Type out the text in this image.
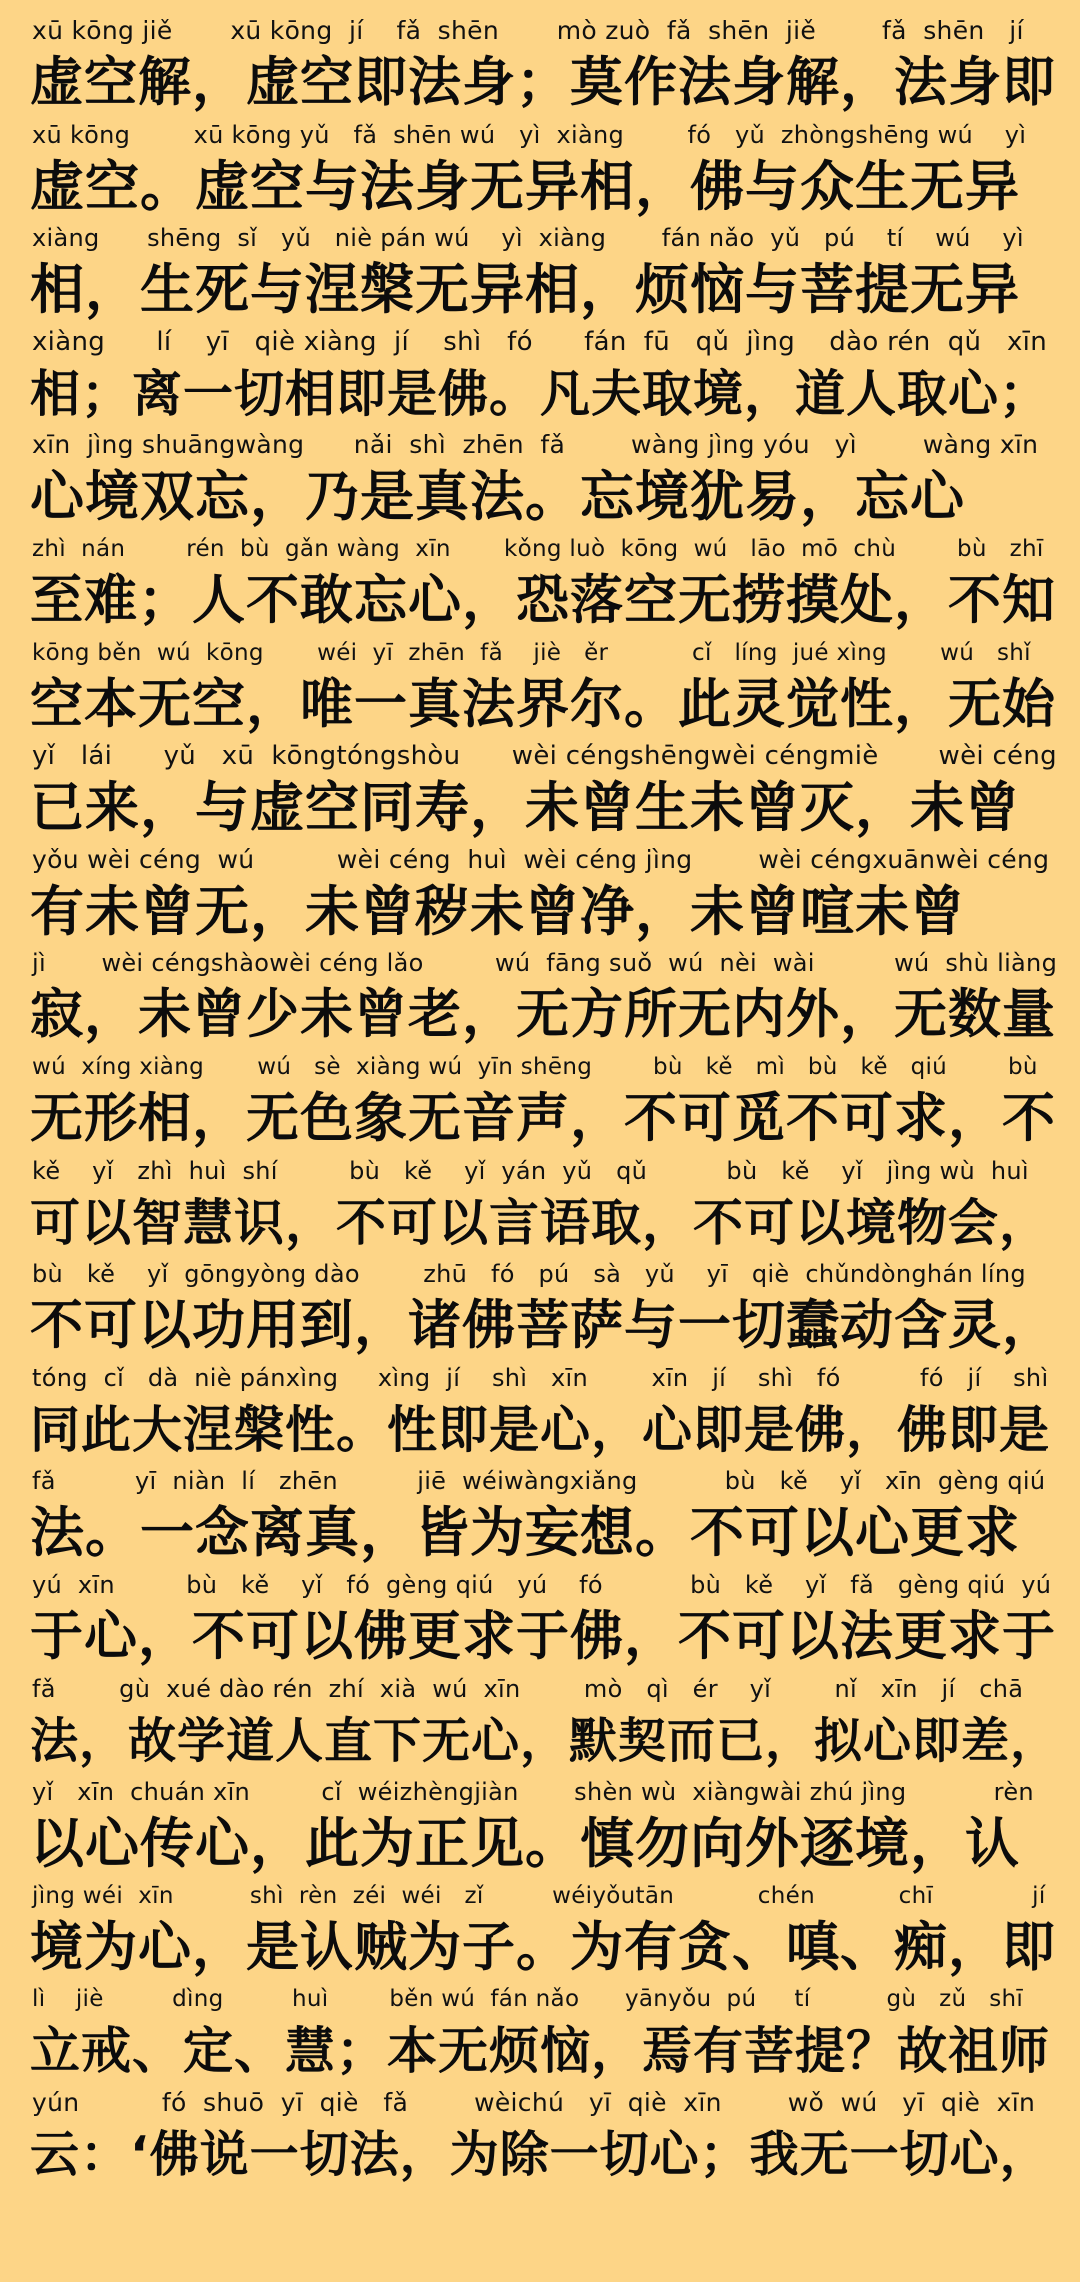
xū kōng jiě       xū kōng  jí    fǎ  shēn       mò zuò  fǎ  shēn  jiě        fǎ  shēn   jí
虚空解，虚空即法身；莫作法身解，法身即
xū kōng        xū kōng yǔ   fǎ  shēn wú   yì  xiàng        fó   yǔ  zhòngshēng wú    yì
虚空。虚空与法身无异相，佛与众生无异
xiàng      shēng  sǐ   yǔ   niè pán wú    yì  xiàng       fán nǎo  yǔ   pú    tí    wú    yì
相，生死与涅槃无异相，烦恼与菩提无异
xiàng      lí    yī   qiè xiàng  jí    shì   fó      fán  fū   qǔ  jìng    dào rén  qǔ   xīn
相；离一切相即是佛。凡夫取境，道人取心；
xīn  jìng shuāngwàng      nǎi  shì  zhēn  fǎ        wàng jìng yóu   yì        wàng xīn
心境双忘，乃是真法。忘境犹易，忘心
zhì  nán        rén  bù  gǎn wàng  xīn       kǒng luò  kōng  wú   lāo  mō  chù        bù   zhī
至难；人不敢忘心，恐落空无捞摸处，不知
kōng běn  wú  kōng       wéi  yī  zhēn  fǎ    jiè   ěr           cǐ   líng  jué xìng       wú   shǐ
空本无空，唯一真法界尔。此灵觉性，无始
yǐ   lái      yǔ   xū  kōngtóngshòu      wèi céngshēngwèi céngmiè       wèi céng
已来，与虚空同寿，未曾生未曾灭，未曾
yǒu wèi céng  wú          wèi céng  huì  wèi céng jìng        wèi céngxuānwèi céng
有未曾无，未曾秽未曾净，未曾喧未曾
jì       wèi céngshàowèi céng lǎo         wú  fāng suǒ  wú  nèi  wài          wú  shù liàng
寂，未曾少未曾老，无方所无内外，无数量
wú  xíng xiàng       wú   sè  xiàng wú  yīn shēng        bù   kě   mì   bù   kě   qiú        bù
无形相，无色象无音声，不可觅不可求，不
kě    yǐ   zhì  huì  shí         bù   kě    yǐ  yán  yǔ   qǔ          bù   kě    yǐ   jìng wù  huì
可以智慧识，不可以言语取，不可以境物会，
bù   kě    yǐ  gōngyòng dào        zhū   fó   pú   sà   yǔ    yī   qiè  chǔndònghán líng
不可以功用到，诸佛菩萨与一切蠢动含灵，
tóng  cǐ   dà  niè pánxìng     xìng  jí    shì   xīn        xīn   jí    shì   fó          fó   jí    shì
同此大涅槃性。性即是心，心即是佛，佛即是
fǎ          yī  niàn  lí   zhēn          jiē  wéiwàngxiǎng           bù   kě    yǐ   xīn  gèng qiú
法。一念离真，皆为妄想。不可以心更求
yú  xīn         bù   kě    yǐ   fó  gèng qiú   yú    fó           bù   kě    yǐ   fǎ   gèng qiú  yú
于心，不可以佛更求于佛，不可以法更求于
fǎ        gù  xué dào rén  zhí  xià  wú  xīn        mò   qì   ér    yǐ        nǐ   xīn   jí   chā
法，故学道人直下无心，默契而已，拟心即差，
yǐ   xīn  chuán xīn         cǐ  wéizhèngjiàn       shèn wù  xiàngwài zhú jìng           rèn
以心传心，此为正见。慎勿向外逐境，认
jìng wéi  xīn          shì  rèn  zéi  wéi   zǐ         wéiyǒutān           chén           chī             jí
境为心，是认贼为子。为有贪、嗔、痴，即
lì    jiè         dìng         huì        běn wú  fán nǎo      yānyǒu  pú     tí          gù   zǔ   shī
立戒、定、慧；本无烦恼，焉有菩提？故祖师
yún          fó  shuō  yī  qiè   fǎ        wèichú   yī  qiè  xīn        wǒ  wú   yī  qiè  xīn
云：‘佛说一切法，为除一切心；我无一切心，
